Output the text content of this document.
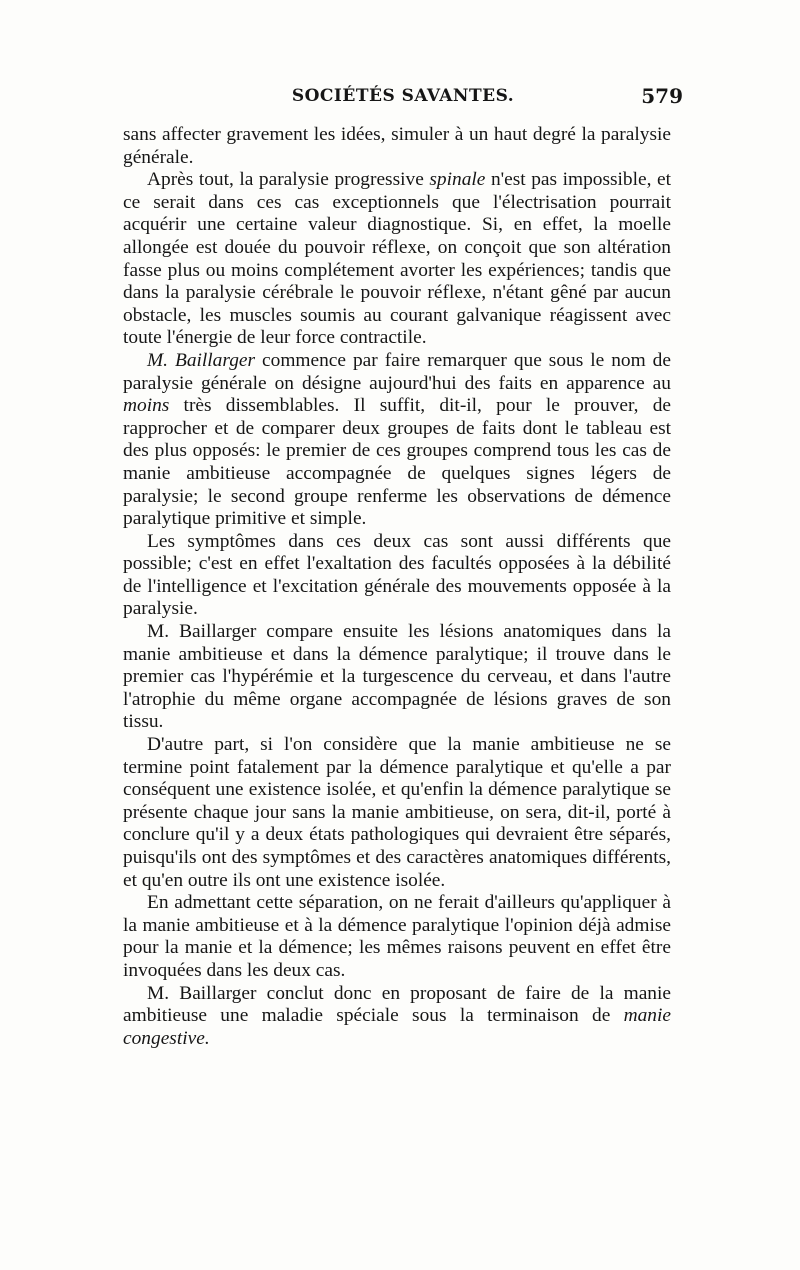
SOCIÉTÉS SAVANTES.	579

sans affecter gravement les idées, simuler à un haut degré la paralysie générale.

Après tout, la paralysie progressive spinale n'est pas impossible, et ce serait dans ces cas exceptionnels que l'électrisation pourrait acquérir une certaine valeur diagnostique. Si, en effet, la moelle allongée est douée du pouvoir réflexe, on conçoit que son altération fasse plus ou moins complétement avorter les expériences; tandis que dans la paralysie cérébrale le pouvoir réflexe, n'étant gêné par aucun obstacle, les muscles soumis au courant galvanique réagissent avec toute l'énergie de leur force contractile.

M. Baillarger commence par faire remarquer que sous le nom de paralysie générale on désigne aujourd'hui des faits en apparence au moins très dissemblables. Il suffit, dit-il, pour le prouver, de rapprocher et de comparer deux groupes de faits dont le tableau est des plus opposés: le premier de ces groupes comprend tous les cas de manie ambitieuse accompagnée de quelques signes légers de paralysie; le second groupe renferme les observations de démence paralytique primitive et simple.

Les symptômes dans ces deux cas sont aussi différents que possible; c'est en effet l'exaltation des facultés opposées à la débilité de l'intelligence et l'excitation générale des mouvements opposée à la paralysie.

M. Baillarger compare ensuite les lésions anatomiques dans la manie ambitieuse et dans la démence paralytique; il trouve dans le premier cas l'hypérémie et la turgescence du cerveau, et dans l'autre l'atrophie du même organe accompagnée de lésions graves de son tissu.

D'autre part, si l'on considère que la manie ambitieuse ne se termine point fatalement par la démence paralytique et qu'elle a par conséquent une existence isolée, et qu'enfin la démence paralytique se présente chaque jour sans la manie ambitieuse, on sera, dit-il, porté à conclure qu'il y a deux états pathologiques qui devraient être séparés, puisqu'ils ont des symptômes et des caractères anatomiques différents, et qu'en outre ils ont une existence isolée.

En admettant cette séparation, on ne ferait d'ailleurs qu'appliquer à la manie ambitieuse et à la démence paralytique l'opinion déjà admise pour la manie et la démence; les mêmes raisons peuvent en effet être invoquées dans les deux cas.

M. Baillarger conclut donc en proposant de faire de la manie ambitieuse une maladie spéciale sous la terminaison de manie congestive.
